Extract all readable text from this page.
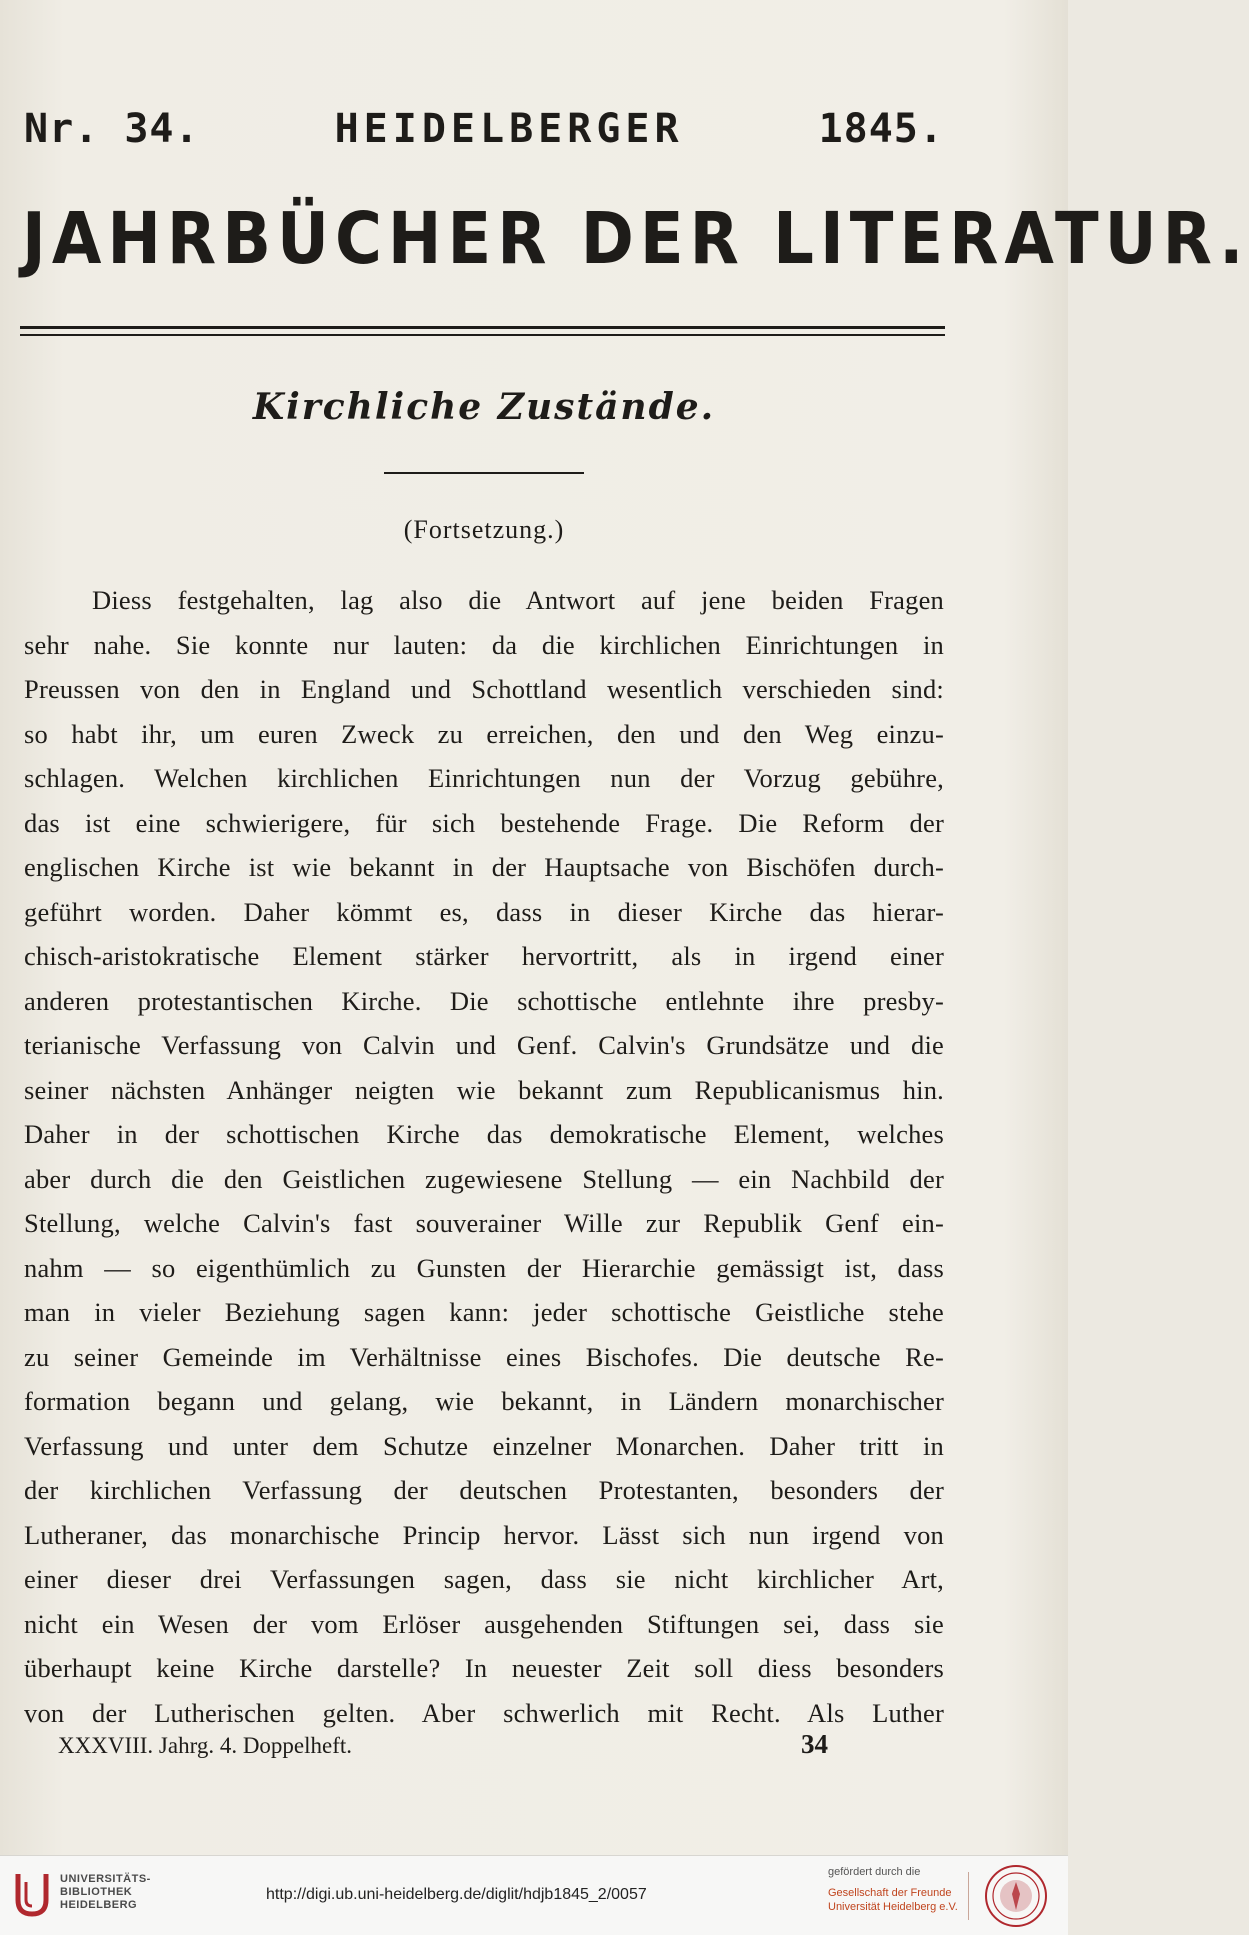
Nr. 34.	HEIDELBERGER	1845.
JAHRBÜCHER DER LITERATUR.
Kirchliche Zustände.
(Fortsetzung.)
Diess festgehalten, lag also die Antwort auf jene beiden Fragen
sehr nahe. Sie konnte nur lauten: da die kirchlichen Einrichtungen in
Preussen von den in England und Schottland wesentlich verschieden sind:
so habt ihr, um euren Zweck zu erreichen, den und den Weg einzu-
schlagen. Welchen kirchlichen Einrichtungen nun der Vorzug gebühre,
das ist eine schwierigere, für sich bestehende Frage. Die Reform der
englischen Kirche ist wie bekannt in der Hauptsache von Bischöfen durch-
geführt worden. Daher kömmt es, dass in dieser Kirche das hierar-
chisch-aristokratische Element stärker hervortritt, als in irgend einer
anderen protestantischen Kirche. Die schottische entlehnte ihre presby-
terianische Verfassung von Calvin und Genf. Calvin's Grundsätze und die
seiner nächsten Anhänger neigten wie bekannt zum Republicanismus hin.
Daher in der schottischen Kirche das demokratische Element, welches
aber durch die den Geistlichen zugewiesene Stellung — ein Nachbild der
Stellung, welche Calvin's fast souverainer Wille zur Republik Genf ein-
nahm — so eigenthümlich zu Gunsten der Hierarchie gemässigt ist, dass
man in vieler Beziehung sagen kann: jeder schottische Geistliche stehe
zu seiner Gemeinde im Verhältnisse eines Bischofes. Die deutsche Re-
formation begann und gelang, wie bekannt, in Ländern monarchischer
Verfassung und unter dem Schutze einzelner Monarchen. Daher tritt in
der kirchlichen Verfassung der deutschen Protestanten, besonders der
Lutheraner, das monarchische Princip hervor. Lässt sich nun irgend von
einer dieser drei Verfassungen sagen, dass sie nicht kirchlicher Art,
nicht ein Wesen der vom Erlöser ausgehenden Stiftungen sei, dass sie
überhaupt keine Kirche darstelle? In neuester Zeit soll diess besonders
von der Lutherischen gelten. Aber schwerlich mit Recht. Als Luther
XXXVIII. Jahrg. 4. Doppelheft.	34
UNIVERSITÄTS-
BIBLIOTHEK
HEIDELBERG
http://digi.ub.uni-heidelberg.de/diglit/hdjb1845_2/0057
gefördert durch die
Gesellschaft der Freunde
Universität Heidelberg e.V.
